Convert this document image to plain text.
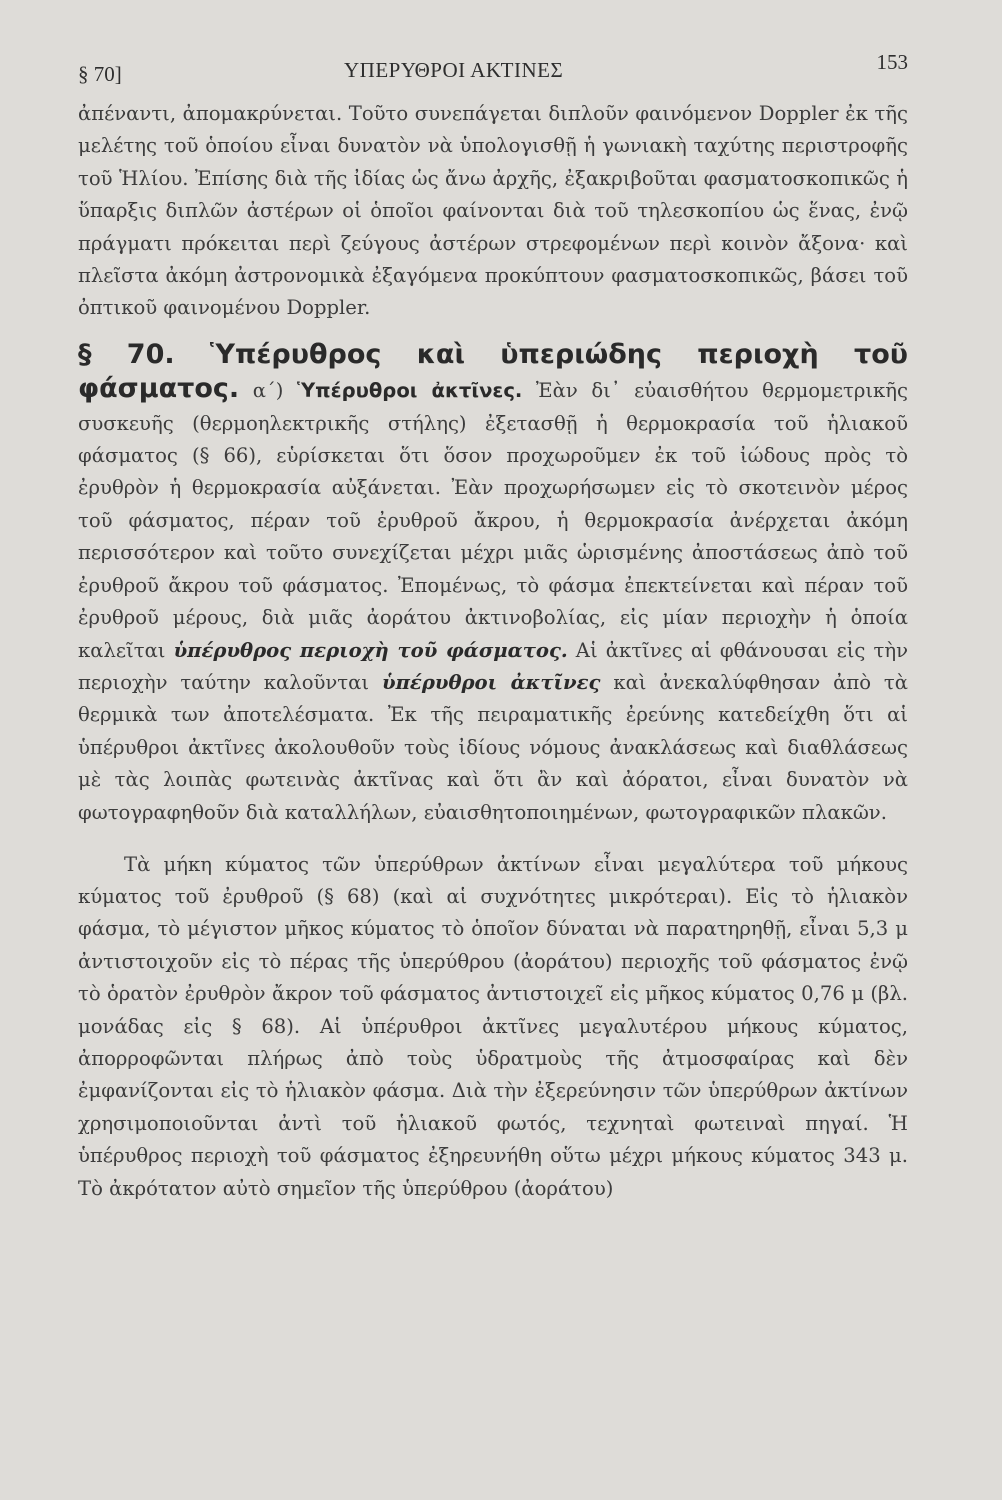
§ 70]	ΥΠΕΡΥΘΡΟΙ ΑΚΤΙΝΕΣ	153

ἀπέναντι, ἀπομακρύνεται. Τοῦτο συνεπάγεται διπλοῦν φαινόμενον Doppler ἐκ τῆς μελέτης τοῦ ὁποίου εἶναι δυνατὸν νὰ ὑπολογισθῇ ἡ γωνιακὴ ταχύτης περιστροφῆς τοῦ Ἡλίου. Ἐπίσης διὰ τῆς ἰδίας ὡς ἄνω ἀρχῆς, ἐξακριβοῦται φασματοσκοπικῶς ἡ ὕπαρξις διπλῶν ἀστέρων οἱ ὁποῖοι φαίνονται διὰ τοῦ τηλεσκοπίου ὡς ἕνας, ἐνῷ πράγματι πρόκειται περὶ ζεύγους ἀστέρων στρεφομένων περὶ κοινὸν ἄξονα· καὶ πλεῖστα ἀκόμη ἀστρονομικὰ ἐξαγόμενα προκύπτουν φασματοσκοπικῶς, βάσει τοῦ ὀπτικοῦ φαινομένου Doppler.

§ 70. Ὑπέρυθρος καὶ ὑπεριώδης περιοχὴ τοῦ φάσματος. α΄) Ὑπέρυθροι ἀκτῖνες. Ἐὰν δι᾿ εὐαισθήτου θερμομετρικῆς συσκευῆς (θερμοηλεκτρικῆς στήλης) ἐξετασθῇ ἡ θερμοκρασία τοῦ ἡλιακοῦ φάσματος (§ 66), εὑρίσκεται ὅτι ὅσον προχωροῦμεν ἐκ τοῦ ἰώδους πρὸς τὸ ἐρυθρὸν ἡ θερμοκρασία αὐξάνεται. Ἐὰν προχωρήσωμεν εἰς τὸ σκοτεινὸν μέρος τοῦ φάσματος, πέραν τοῦ ἐρυθροῦ ἄκρου, ἡ θερμοκρασία ἀνέρχεται ἀκόμη περισσότερον καὶ τοῦτο συνεχίζεται μέχρι μιᾶς ὡρισμένης ἀποστάσεως ἀπὸ τοῦ ἐρυθροῦ ἄκρου τοῦ φάσματος. Ἐπομένως, τὸ φάσμα ἐπεκτείνεται καὶ πέραν τοῦ ἐρυθροῦ μέρους, διὰ μιᾶς ἀοράτου ἀκτινοβολίας, εἰς μίαν περιοχὴν ἡ ὁποία καλεῖται ὑπέρυθρος περιοχὴ τοῦ φάσματος. Αἱ ἀκτῖνες αἱ φθάνουσαι εἰς τὴν περιοχὴν ταύτην καλοῦνται ὑπέρυθροι ἀκτῖνες καὶ ἀνεκαλύφθησαν ἀπὸ τὰ θερμικὰ των ἀποτελέσματα. Ἐκ τῆς πειραματικῆς ἐρεύνης κατεδείχθη ὅτι αἱ ὑπέρυθροι ἀκτῖνες ἀκολουθοῦν τοὺς ἰδίους νόμους ἀνακλάσεως καὶ διαθλάσεως μὲ τὰς λοιπὰς φωτεινὰς ἀκτῖνας καὶ ὅτι ἂν καὶ ἀόρατοι, εἶναι δυνατὸν νὰ φωτογραφηθοῦν διὰ καταλλήλων, εὐαισθητοποιημένων, φωτογραφικῶν πλακῶν.

Τὰ μήκη κύματος τῶν ὑπερύθρων ἀκτίνων εἶναι μεγαλύτερα τοῦ μήκους κύματος τοῦ ἐρυθροῦ (§ 68) (καὶ αἱ συχνότητες μικρότεραι). Εἰς τὸ ἡλιακὸν φάσμα, τὸ μέγιστον μῆκος κύματος τὸ ὁποῖον δύναται νὰ παρατηρηθῇ, εἶναι 5,3 μ ἀντιστοιχοῦν εἰς τὸ πέρας τῆς ὑπερύθρου (ἀοράτου) περιοχῆς τοῦ φάσματος ἐνῷ τὸ ὁρατὸν ἐρυθρὸν ἄκρον τοῦ φάσματος ἀντιστοιχεῖ εἰς μῆκος κύματος 0,76 μ (βλ. μονάδας εἰς § 68). Αἱ ὑπέρυθροι ἀκτῖνες μεγαλυτέρου μήκους κύματος, ἀπορροφῶνται πλήρως ἀπὸ τοὺς ὑδρατμοὺς τῆς ἀτμοσφαίρας καὶ δὲν ἐμφανίζονται εἰς τὸ ἡλιακὸν φάσμα. Διὰ τὴν ἐξερεύνησιν τῶν ὑπερύθρων ἀκτίνων χρησιμοποιοῦνται ἀντὶ τοῦ ἡλιακοῦ φωτός, τεχνηταὶ φωτειναὶ πηγαί. Ἡ ὑπέρυθρος περιοχὴ τοῦ φάσματος ἐξηρευνήθη οὕτω μέχρι μήκους κύματος 343 μ. Τὸ ἀκρότατον αὐτὸ σημεῖον τῆς ὑπερύθρου (ἀοράτου)
